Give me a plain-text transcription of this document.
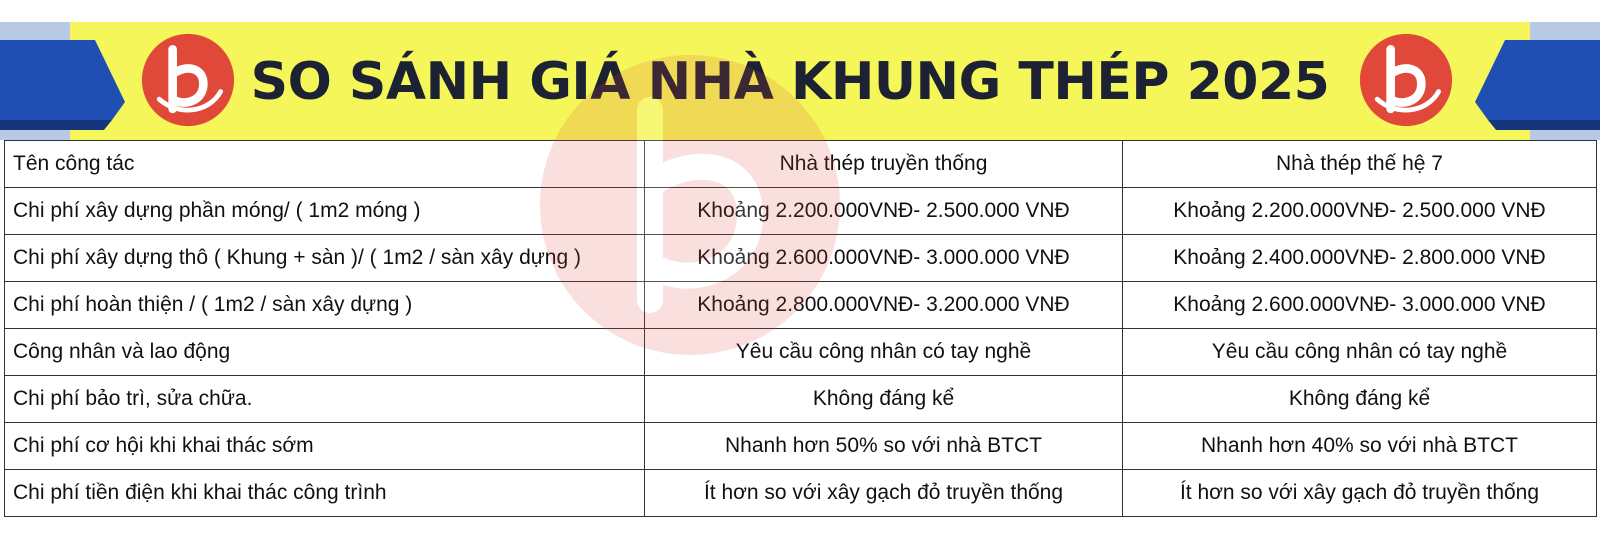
SO SÁNH GIÁ NHÀ KHUNG THÉP 2025
Tên công tác	Nhà thép truyền thống	Nhà thép thế hệ 7
Chi phí xây dựng phần móng/ ( 1m2 móng )	Khoảng 2.200.000VNĐ- 2.500.000 VNĐ	Khoảng 2.200.000VNĐ- 2.500.000 VNĐ
Chi phí xây dựng thô ( Khung + sàn )/ ( 1m2 / sàn xây dựng )	Khoảng 2.600.000VNĐ- 3.000.000 VNĐ	Khoảng 2.400.000VNĐ- 2.800.000 VNĐ
Chi phí hoàn thiện / ( 1m2 / sàn xây dựng )	Khoảng 2.800.000VNĐ- 3.200.000 VNĐ	Khoảng 2.600.000VNĐ- 3.000.000 VNĐ
Công nhân và lao động	Yêu cầu công nhân có tay nghề	Yêu cầu công nhân có tay nghề
Chi phí bảo trì, sửa chữa.	Không đáng kể	Không đáng kể
Chi phí cơ hội khi khai thác sớm	Nhanh hơn 50% so với nhà BTCT	Nhanh hơn 40% so với nhà BTCT
Chi phí tiền điện khi khai thác công trình	Ít hơn so với xây gạch đỏ truyền thống	Ít hơn so với xây gạch đỏ truyền thống
